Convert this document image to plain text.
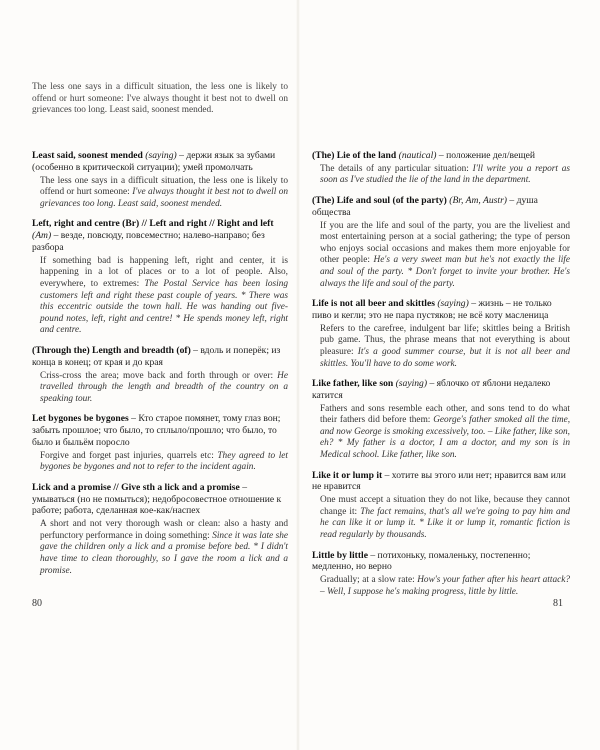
The less one says in a difficult situation, the less one is likely to offend or hurt someone: I've always thought it best not to dwell on grievances too long. Least said, soonest mended.

Least said, soonest mended (saying) – держи язык за зубами (особенно в критической ситуации); умей промолчать
The less one says in a difficult situation, the less one is likely to offend or hurt someone: I've always thought it best not to dwell on grievances too long. Least said, soonest mended.
Left, right and centre (Br) // Left and right // Right and left (Am) – везде, повсюду, повсеместно; налево-направо; без разбора
If something bad is happening left, right and center, it is happening in a lot of places or to a lot of people. Also, everywhere, to extremes: The Postal Service has been losing customers left and right these past couple of years. * There was this eccentric outside the town hall. He was handing out five-pound notes, left, right and centre! * He spends money left, right and centre.
(Through the) Length and breadth (of) – вдоль и поперёк; из конца в конец; от края и до края
Criss-cross the area; move back and forth through or over: He travelled through the length and breadth of the country on a speaking tour.
Let bygones be bygones – Кто старое помянет, тому глаз вон; забыть прошлое; что было, то сплыло/прошло; что было, то было и быльём поросло
Forgive and forget past injuries, quarrels etc: They agreed to let bygones be bygones and not to refer to the incident again.
Lick and a promise // Give sth a lick and a promise – умываться (но не помыться); недобросовестное отношение к работе; работа, сделанная кое-как/наспех
A short and not very thorough wash or clean: also a hasty and perfunctory performance in doing something: Since it was late she gave the children only a lick and a promise before bed. * I didn't have time to clean thoroughly, so I gave the room a lick and a promise.
(The) Lie of the land (nautical) – положение дел/вещей
The details of any particular situation: I'll write you a report as soon as I've studied the lie of the land in the department.
(The) Life and soul (of the party) (Br, Am, Austr) – душа общества
If you are the life and soul of the party, you are the liveliest and most entertaining person at a social gathering; the type of person who enjoys social occasions and makes them more enjoyable for other people: He's a very sweet man but he's not exactly the life and soul of the party. * Don't forget to invite your brother. He's always the life and soul of the party.
Life is not all beer and skittles (saying) – жизнь – не только пиво и кегли; это не пара пустяков; не всё коту масленица
Refers to the carefree, indulgent bar life; skittles being a British pub game. Thus, the phrase means that not everything is about pleasure: It's a good summer course, but it is not all beer and skittles. You'll have to do some work.
Like father, like son (saying) – яблочко от яблони недалеко катится
Fathers and sons resemble each other, and sons tend to do what their fathers did before them: George's father smoked all the time, and now George is smoking excessively, too. – Like father, like son, eh? * My father is a doctor, I am a doctor, and my son is in Medical school. Like father, like son.
Like it or lump it – хотите вы этого или нет; нравится вам или не нравится
One must accept a situation they do not like, because they cannot change it: The fact remains, that's all we're going to pay him and he can like it or lump it. * Like it or lump it, romantic fiction is read regularly by thousands.
Little by little – потихоньку, помаленьку, постепенно; медленно, но верно
Gradually; at a slow rate: How's your father after his heart attack? – Well, I suppose he's making progress, little by little.
80	81
